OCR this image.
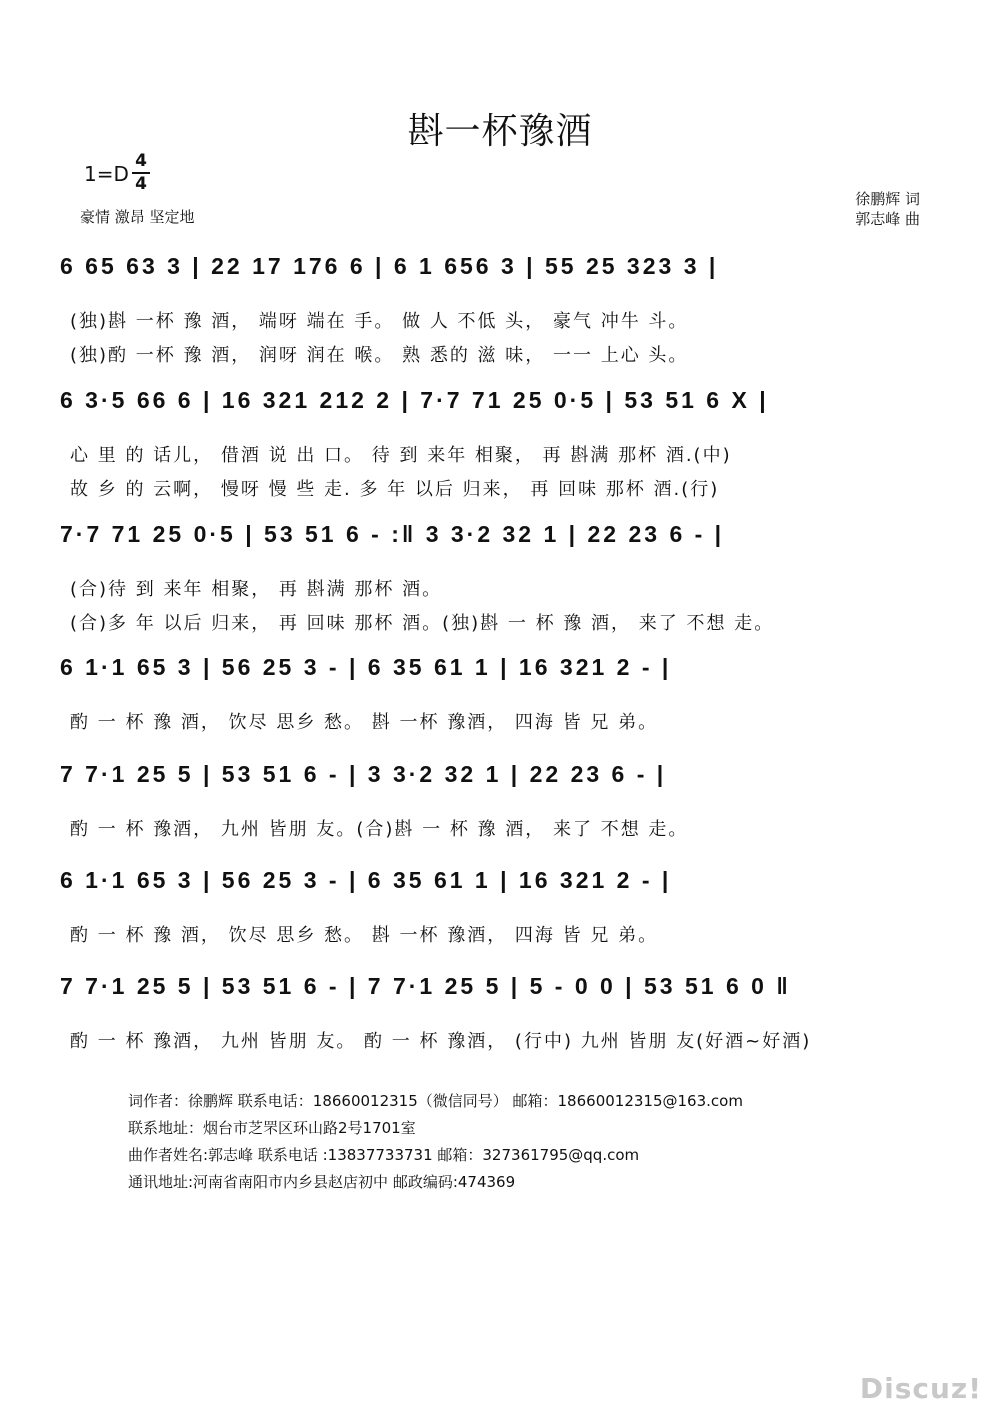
斟一杯豫酒
1=D
4
4
豪情 激昂 坚定地
徐鹏辉 词
郭志峰 曲
6 65 63 3 | 22 17 176 6 | 6 1 656 3 | 55 25 323 3 |
(独)斟 一杯 豫 酒， 端呀 端在 手。 做 人 不低 头， 豪气 冲牛 斗。
(独)酌 一杯 豫 酒， 润呀 润在 喉。 熟 悉的 滋 味， 一一 上心 头。
6 3·5 66 6 | 16 321 212 2 | 7·7 71 25 0·5 | 53 51 6 X |
心 里 的 话儿， 借酒 说 出 口。 待 到 来年 相聚， 再 斟满 那杯 酒.(中)
故 乡 的 云啊， 慢呀 慢 些 走. 多 年 以后 归来， 再 回味 那杯 酒.(行)
7·7 71 25 0·5 | 53 51 6 - :‖ 3 3·2 32 1 | 22 23 6 - |
(合)待 到 来年 相聚， 再 斟满 那杯 酒。
(合)多 年 以后 归来， 再 回味 那杯 酒。(独)斟 一 杯 豫 酒， 来了 不想 走。
6 1·1 65 3 | 56 25 3 - | 6 35 61 1 | 16 321 2 - |
酌 一 杯 豫 酒， 饮尽 思乡 愁。 斟 一杯 豫酒， 四海 皆 兄 弟。
7 7·1 25 5 | 53 51 6 - | 3 3·2 32 1 | 22 23 6 - |
酌 一 杯 豫酒， 九州 皆朋 友。(合)斟 一 杯 豫 酒， 来了 不想 走。
6 1·1 65 3 | 56 25 3 - | 6 35 61 1 | 16 321 2 - |
酌 一 杯 豫 酒， 饮尽 思乡 愁。 斟 一杯 豫酒， 四海 皆 兄 弟。
7 7·1 25 5 | 53 51 6 - | 7 7·1 25 5 | 5 - 0 0 | 53 51 6 0 ‖
酌 一 杯 豫酒， 九州 皆朋 友。 酌 一 杯 豫酒， (行中) 九州 皆朋 友(好酒~好酒)
词作者：徐鹏辉 联系电话：18660012315（微信同号） 邮箱：18660012315@163.com
联系地址：烟台市芝罘区环山路2号1701室
曲作者姓名:郭志峰 联系电话 :13837733731 邮箱：327361795@qq.com
通讯地址:河南省南阳市内乡县赵店初中 邮政编码:474369
Discuz!
